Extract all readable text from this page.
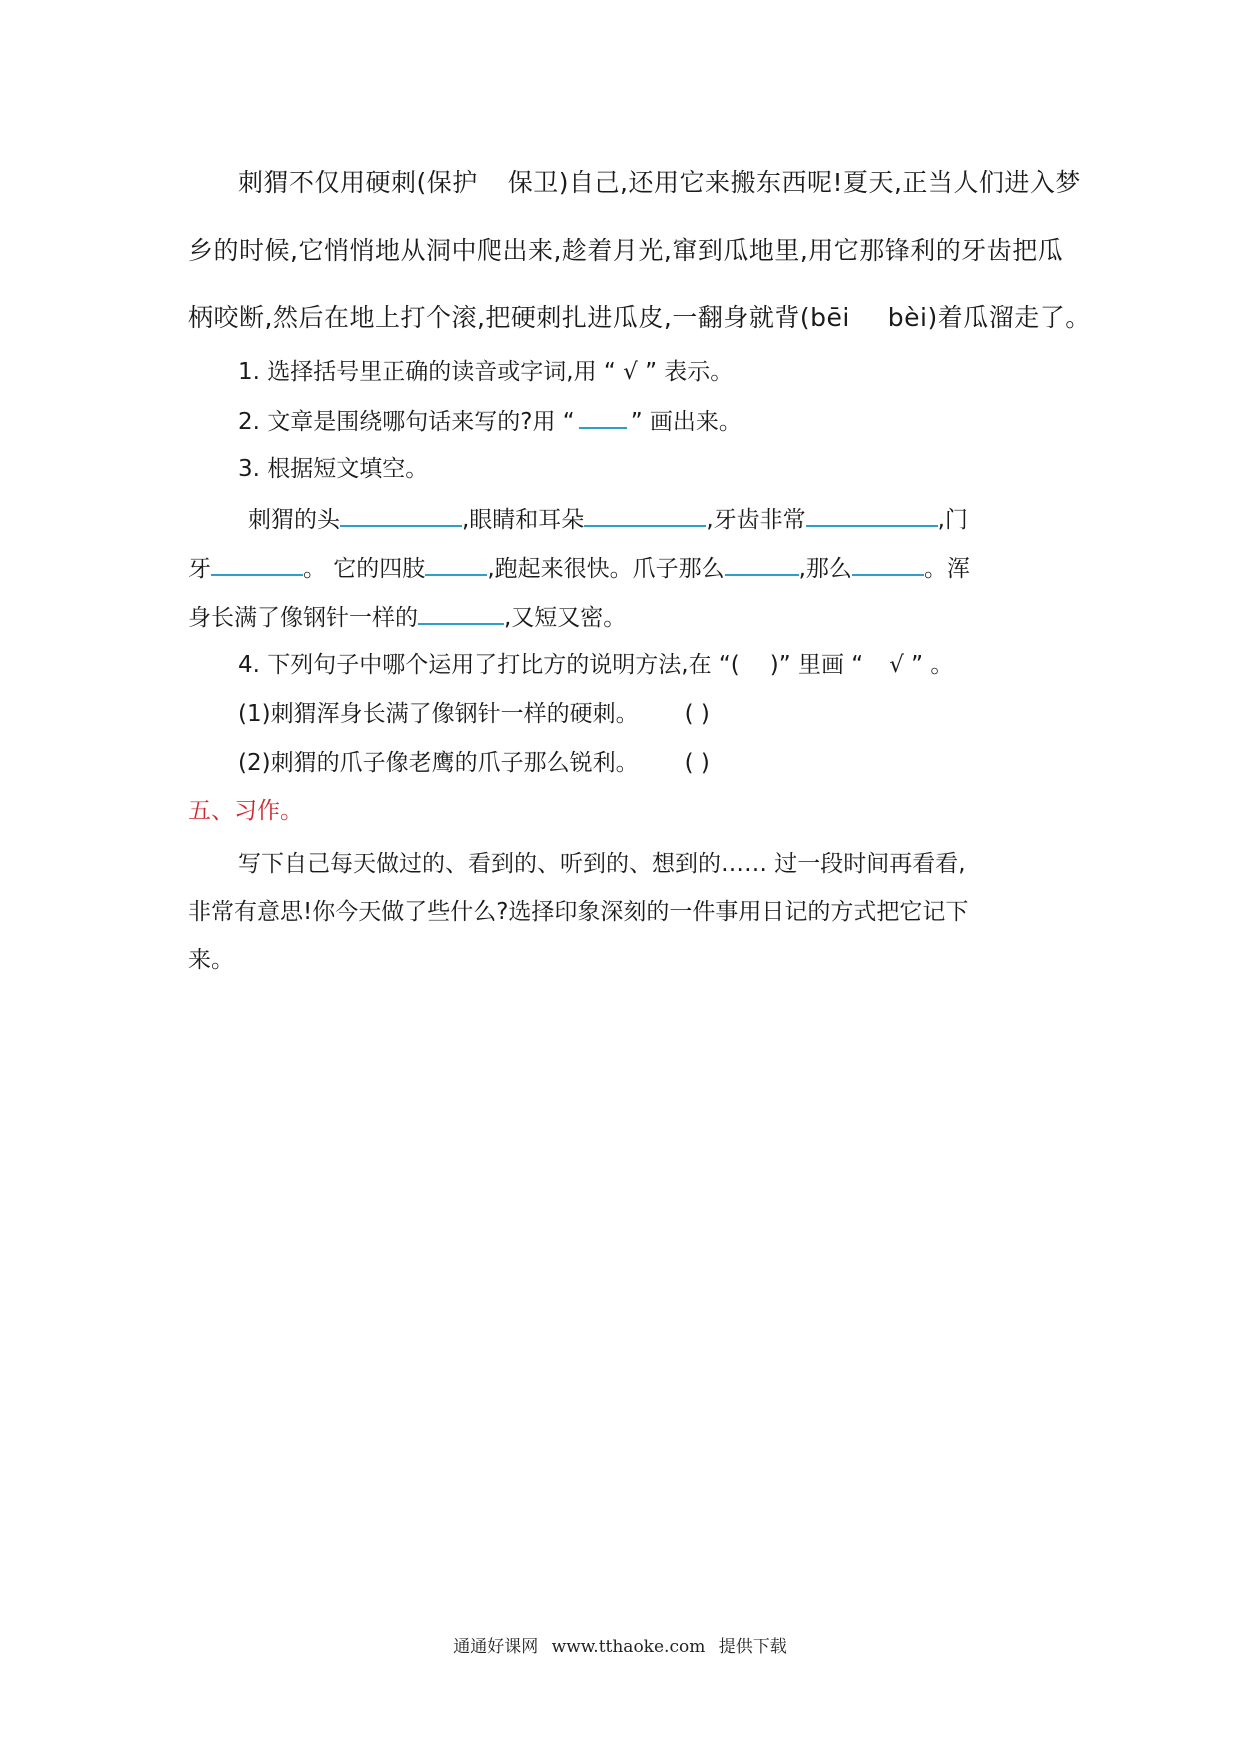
刺猬不仅用硬刺(保护 保卫)自己,还用它来搬东西呢!夏天,正当人们进入梦
乡的时候,它悄悄地从洞中爬出来,趁着月光,窜到瓜地里,用它那锋利的牙齿把瓜
柄咬断,然后在地上打个滚,把硬刺扎进瓜皮,一翻身就背(bēi bèi)着瓜溜走了。
1. 选择括号里正确的读音或字词,用 “ √ ” 表示。
2. 文章是围绕哪句话来写的?用 “ ” 画出来。
3. 根据短文填空。
刺猬的头	,眼睛和耳朵	,牙齿非常	,门
牙	。 它的四肢	,跑起来很快。爪子那么	,那么	。浑
身长满了像钢针一样的	,又短又密。
4. 下列句子中哪个运用了打比方的说明方法,在 “( )” 里画 “ √ ” 。
(1)刺猬浑身长满了像钢针一样的硬刺。 ( )
(2)刺猬的爪子像老鹰的爪子那么锐利。 ( )
五、习作。
写下自己每天做过的、看到的、听到的、想到的…… 过一段时间再看看,
非常有意思!你今天做了些什么?选择印象深刻的一件事用日记的方式把它记下
来。
通通好课网 www.tthaoke.com 提供下载
